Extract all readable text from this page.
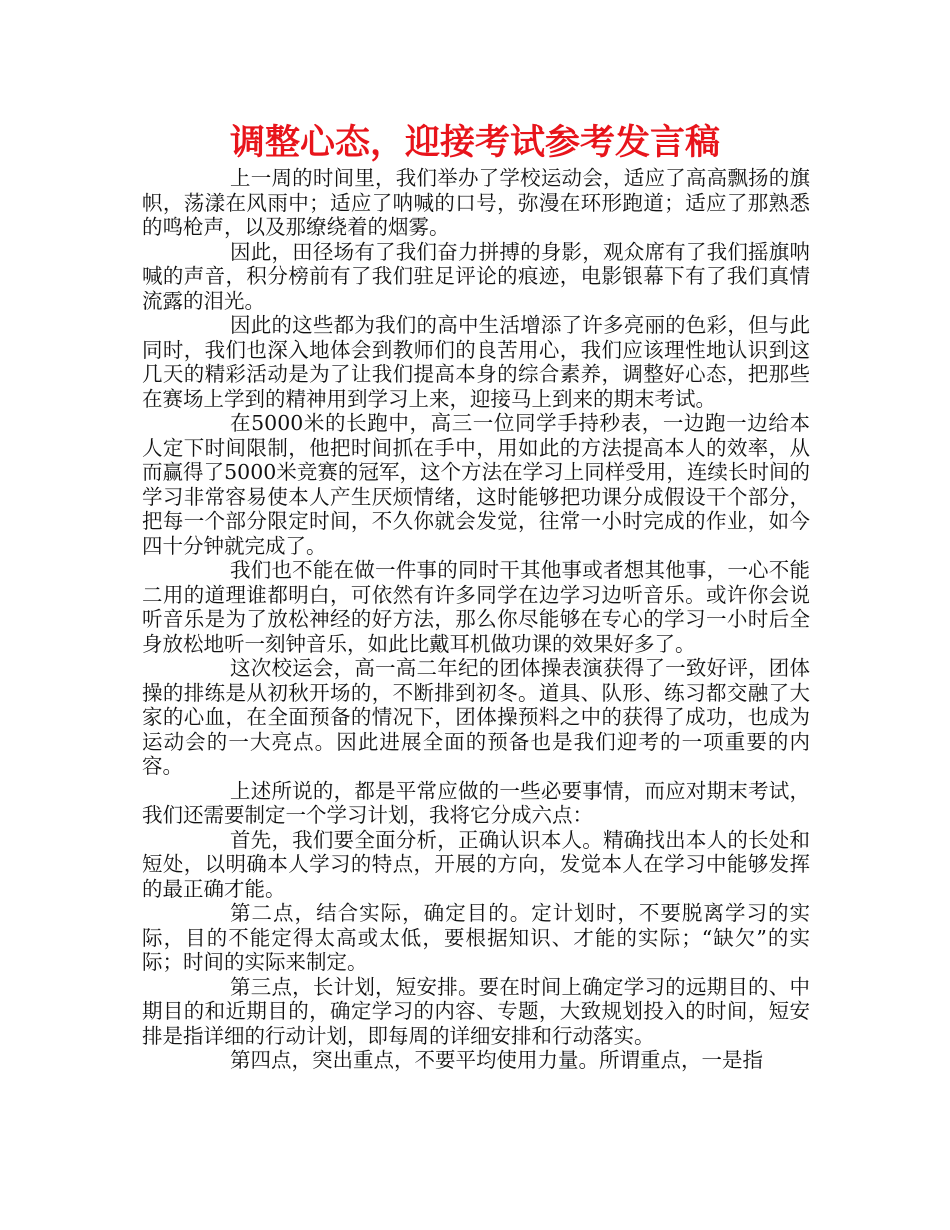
调整心态，迎接考试参考发言稿

上一周的时间里，我们举办了学校运动会，适应了高高飘扬的旗帜，荡漾在风雨中；适应了呐喊的口号，弥漫在环形跑道；适应了那熟悉的鸣枪声，以及那缭绕着的烟雾。

因此，田径场有了我们奋力拼搏的身影，观众席有了我们摇旗呐喊的声音，积分榜前有了我们驻足评论的痕迹，电影银幕下有了我们真情流露的泪光。

因此的这些都为我们的高中生活增添了许多亮丽的色彩，但与此同时，我们也深入地体会到教师们的良苦用心，我们应该理性地认识到这几天的精彩活动是为了让我们提高本身的综合素养，调整好心态，把那些在赛场上学到的精神用到学习上来，迎接马上到来的期末考试。

在5000米的长跑中，高三一位同学手持秒表，一边跑一边给本人定下时间限制，他把时间抓在手中，用如此的方法提高本人的效率，从而赢得了5000米竞赛的冠军，这个方法在学习上同样受用，连续长时间的学习非常容易使本人产生厌烦情绪，这时能够把功课分成假设干个部分，把每一个部分限定时间，不久你就会发觉，往常一小时完成的作业，如今四十分钟就完成了。

我们也不能在做一件事的同时干其他事或者想其他事，一心不能二用的道理谁都明白，可依然有许多同学在边学习边听音乐。或许你会说听音乐是为了放松神经的好方法，那么你尽能够在专心的学习一小时后全身放松地听一刻钟音乐，如此比戴耳机做功课的效果好多了。

这次校运会，高一高二年纪的团体操表演获得了一致好评，团体操的排练是从初秋开场的，不断排到初冬。道具、队形、练习都交融了大家的心血，在全面预备的情况下，团体操预料之中的获得了成功，也成为运动会的一大亮点。因此进展全面的预备也是我们迎考的一项重要的内容。

上述所说的，都是平常应做的一些必要事情，而应对期末考试，我们还需要制定一个学习计划，我将它分成六点：

首先，我们要全面分析，正确认识本人。精确找出本人的长处和短处，以明确本人学习的特点，开展的方向，发觉本人在学习中能够发挥的最正确才能。

第二点，结合实际，确定目的。定计划时，不要脱离学习的实际，目的不能定得太高或太低，要根据知识、才能的实际；“缺欠”的实际；时间的实际来制定。

第三点，长计划，短安排。要在时间上确定学习的远期目的、中期目的和近期目的，确定学习的内容、专题，大致规划投入的时间，短安排是指详细的行动计划，即每周的详细安排和行动落实。

第四点，突出重点，不要平均使用力量。所谓重点，一是指
